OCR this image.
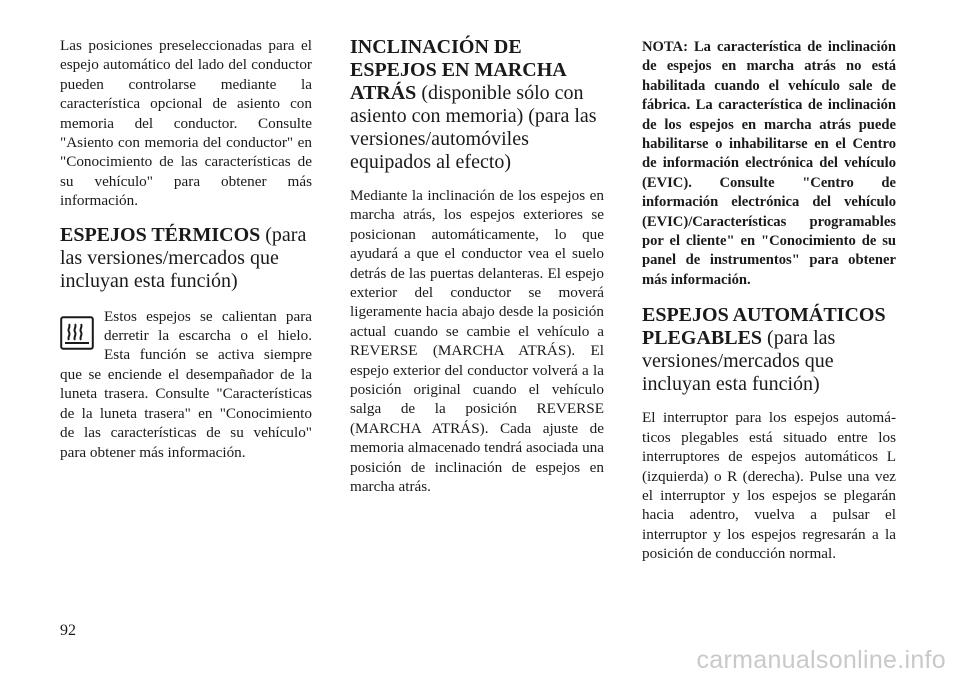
Las posiciones preseleccionadas para el espejo automático del lado del conductor pueden controlarse mediante la característica opcional de asiento con memoria del conductor. Consulte "Asiento con memoria del conductor" en "Conocimiento de las características de su vehículo" para obtener más información.

ESPEJOS TÉRMICOS (para las versiones/mercados que incluyan esta función)

Estos espejos se calientan para derretir la escarcha o el hielo. Esta función se activa siempre que se enciende el desempañador de la luneta trasera. Consulte "Características de la luneta trasera" en "Conocimiento de las características de su vehículo" para obtener más información.

INCLINACIÓN DE ESPEJOS EN MARCHA ATRÁS (disponible sólo con asiento con memoria) (para las versiones/automóviles equipados al efecto)

Mediante la inclinación de los espejos en marcha atrás, los espejos exteriores se posicionan automáticamente, lo que ayudará a que el conductor vea el suelo detrás de las puertas delanteras. El espejo exterior del conductor se moverá ligeramente hacia abajo desde la posición actual cuando se cambie el vehículo a REVERSE (MARCHA ATRÁS). El espejo exterior del conductor volverá a la posición original cuando el vehículo salga de la posición REVERSE (MARCHA ATRÁS). Cada ajuste de memoria almacenado tendrá asociada una posición de inclinación de espejos en marcha atrás.

NOTA: La característica de inclinación de espejos en marcha atrás no está habilitada cuando el vehículo sale de fábrica. La característica de inclinación de los espejos en marcha atrás puede habilitarse o inhabilitarse en el Centro de información electrónica del vehículo (EVIC). Consulte "Centro de información electrónica del vehículo (EVIC)/Características programables por el cliente" en "Conocimiento de su panel de instrumentos" para obtener más información.

ESPEJOS AUTOMÁTICOS PLEGABLES (para las versiones/mercados que incluyan esta función)

El interruptor para los espejos automáticos plegables está situado entre los interruptores de espejos automáticos L (izquierda) o R (derecha). Pulse una vez el interruptor y los espejos se plegarán hacia adentro, vuelva a pulsar el interruptor y los espejos regresarán a la posición de conducción normal.

92
carmanualsonline.info
